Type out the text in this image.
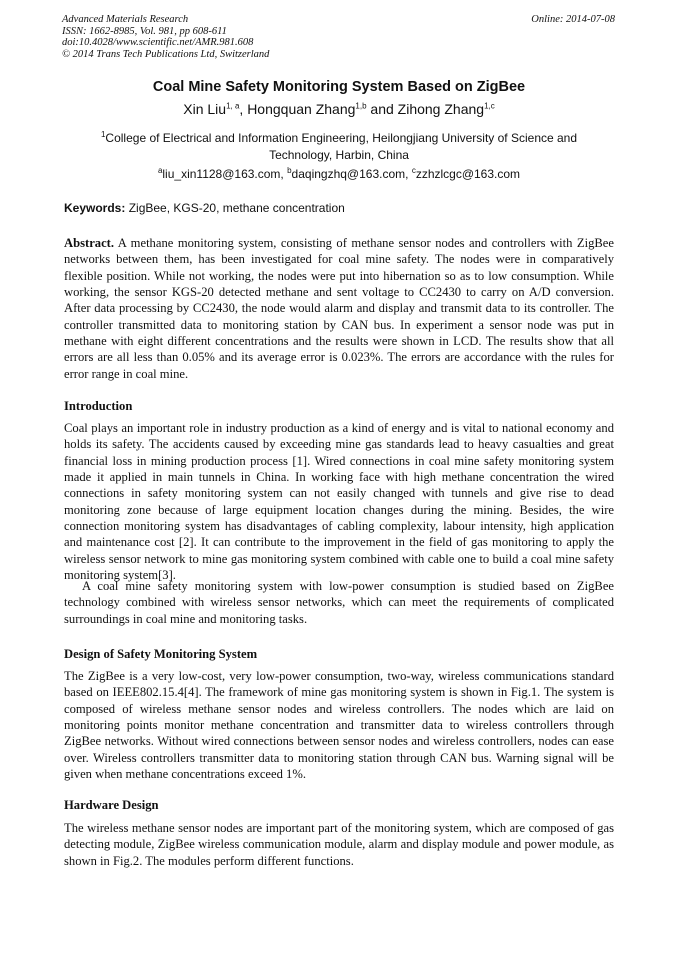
Advanced Materials Research
ISSN: 1662-8985, Vol. 981, pp 608-611
doi:10.4028/www.scientific.net/AMR.981.608
© 2014 Trans Tech Publications Ltd, Switzerland
Online: 2014-07-08
Coal Mine Safety Monitoring System Based on ZigBee
Xin Liu$^{1, a}$, Hongquan Zhang$^{1,b}$ and Zihong Zhang$^{1,c}$
$^1$College of Electrical and Information Engineering, Heilongjiang University of Science and Technology, Harbin, China
$^a$liu_xin1128@163.com, $^b$daqingzhq@163.com, $^c$zzhzlcgc@163.com
Keywords: ZigBee, KGS-20, methane concentration

Abstract. A methane monitoring system, consisting of methane sensor nodes and controllers with ZigBee networks between them, has been investigated for coal mine safety. The nodes were in comparatively flexible position. While not working, the nodes were put into hibernation so as to low consumption. While working, the sensor KGS-20 detected methane and sent voltage to CC2430 to carry on A/D conversion. After data processing by CC2430, the node would alarm and display and transmit data to its controller. The controller transmitted data to monitoring station by CAN bus. In experiment a sensor node was put in methane with eight different concentrations and the results were shown in LCD. The results show that all errors are all less than 0.05% and its average error is 0.023%. The errors are accordance with the rules for error range in coal mine.

Introduction

Coal plays an important role in industry production as a kind of energy and is vital to national economy and holds its safety. The accidents caused by exceeding mine gas standards lead to heavy casualties and great financial loss in mining production process [1]. Wired connections in coal mine safety monitoring system made it applied in main tunnels in China. In working face with high methane concentration the wired connections in safety monitoring system can not easily changed with tunnels and give rise to dead monitoring zone because of large equipment location changes during the mining. Besides, the wire connection monitoring system has disadvantages of cabling complexity, labour intensity, high application and maintenance cost [2]. It can contribute to the improvement in the field of gas monitoring to apply the wireless sensor network to mine gas monitoring system combined with cable one to build a coal mine safety monitoring system[3].

A coal mine safety monitoring system with low-power consumption is studied based on ZigBee technology combined with wireless sensor networks, which can meet the requirements of complicated surroundings in coal mine and monitoring tasks.

Design of Safety Monitoring System

The ZigBee is a very low-cost, very low-power consumption, two-way, wireless communications standard based on IEEE802.15.4[4]. The framework of mine gas monitoring system is shown in Fig.1. The system is composed of wireless methane sensor nodes and wireless controllers. The nodes which are laid on monitoring points monitor methane concentration and transmitter data to wireless controllers through ZigBee networks. Without wired connections between sensor nodes and wireless controllers, nodes can ease over. Wireless controllers transmitter data to monitoring station through CAN bus. Warning signal will be given when methane concentrations exceed 1%.

Hardware Design

The wireless methane sensor nodes are important part of the monitoring system, which are composed of gas detecting module, ZigBee wireless communication module, alarm and display module and power module, as shown in Fig.2. The modules perform different functions.
